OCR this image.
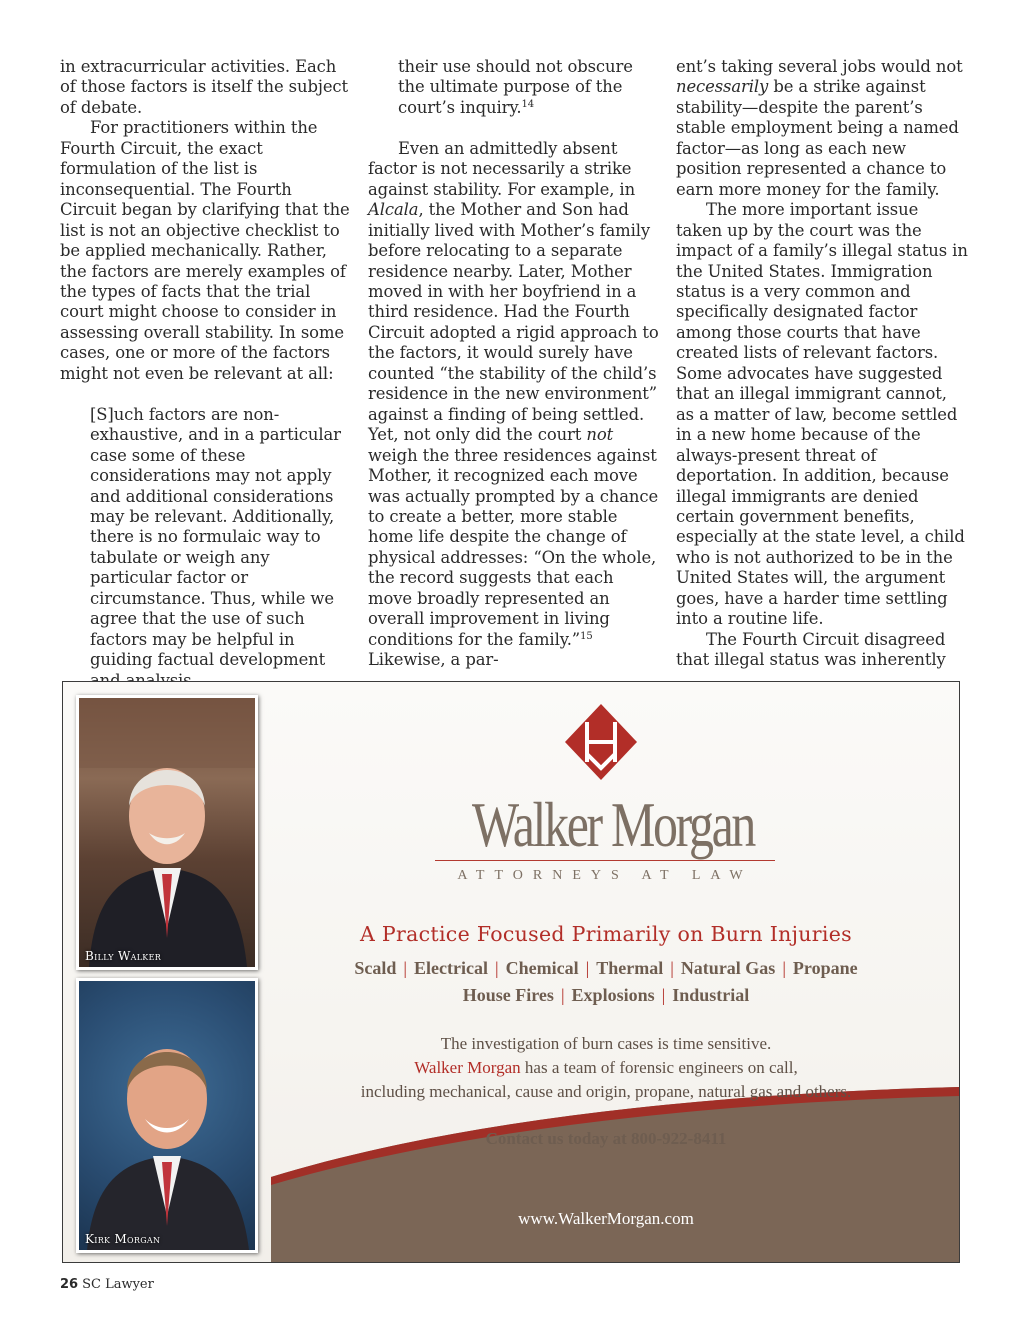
in extracurricular activities. Each of those factors is itself the subject of debate.

For practitioners within the Fourth Circuit, the exact formulation of the list is inconsequential. The Fourth Circuit began by clarifying that the list is not an objective checklist to be applied mechanically. Rather, the factors are merely examples of the types of facts that the trial court might choose to consider in assessing overall stability. In some cases, one or more of the factors might not even be relevant at all:

[S]uch factors are non-exhaustive, and in a particular case some of these considerations may not apply and additional considerations may be relevant. Additionally, there is no formulaic way to tabulate or weigh any particular factor or circumstance. Thus, while we agree that the use of such factors may be helpful in guiding factual development

their use should not obscure the ultimate purpose of the court’s inquiry.$^{14}$

Even an admittedly absent factor is not necessarily a strike against stability. For example, in Alcala, the Mother and Son had initially lived with Mother’s family before relocating to a separate residence nearby. Later, Mother moved in with her boyfriend in a third residence. Had the Fourth Circuit adopted a rigid approach to the factors, it would surely have counted “the stability of the child’s residence in the new environment” against a finding of being settled. Yet, not only did the court not weigh the three residences against Mother, it recognized each move was actually prompted by a chance to create a better, more stable home life despite the change of physical addresses: “On the whole, the record suggests that each move broadly represented an overall improvement in living conditions for the family.”$^{15}$ Likewise, a par-

ent’s taking several jobs would not necessarily be a strike against stability—despite the parent’s stable employment being a named factor—as long as each new position represented a chance to earn more money for the family.

The more important issue taken up by the court was the impact of a family’s illegal status in the United States. Immigration status is a very common and specifically designated factor among those courts that have created lists of relevant factors. Some advocates have suggested that an illegal immigrant cannot, as a matter of law, become settled in a new home because of the always-present threat of deportation. In addition, because illegal immigrants are denied certain government benefits, especially at the state level, a child who is not authorized to be in the United States will, the argument goes, have a harder time settling into a routine life.

The Fourth Circuit disagreed that illegal status was inherently

Billy Walker
Kirk Morgan
Walker Morgan
ATTORNEYS AT LAW
A Practice Focused Primarily on Burn Injuries
Scald | Electrical | Chemical | Thermal | Natural Gas | Propane
House Fires | Explosions | Industrial
The investigation of burn cases is time sensitive.
Walker Morgan has a team of forensic engineers on call,
including mechanical, cause and origin, propane, natural gas and others.
Contact us today at 800-922-8411
www.WalkerMorgan.com
26 SC Lawyer
